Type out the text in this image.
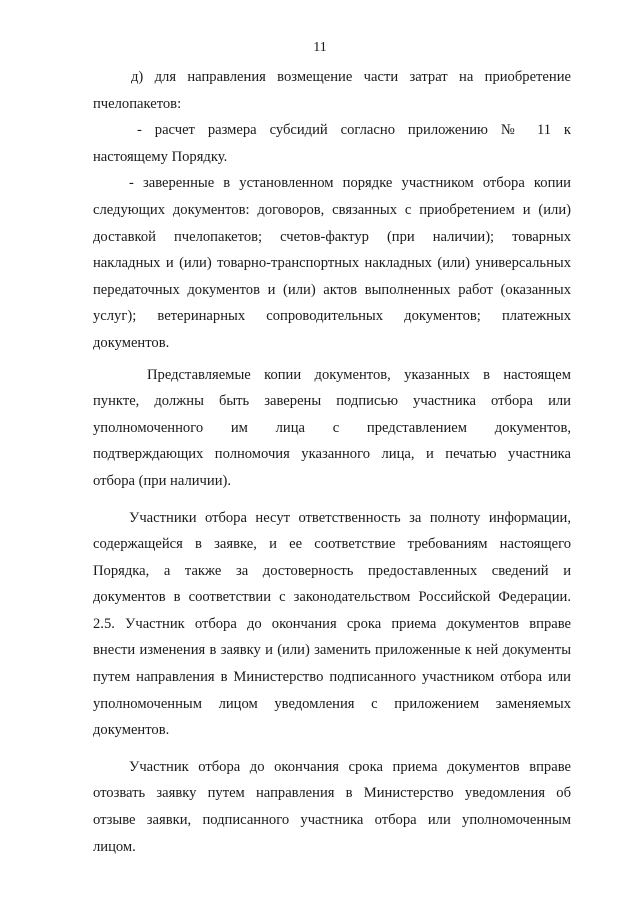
11

д) для направления возмещение части затрат на приобретение

пчелопакетов:

- расчет размера субсидий согласно приложению № 11 к

настоящему Порядку.

- заверенные в установленном порядке участником отбора копии

следующих документов: договоров, связанных с приобретением и (или)

доставкой пчелопакетов; счетов-фактур (при наличии); товарных

накладных и (или) товарно-транспортных накладных (или) универсальных

передаточных документов и (или) актов выполненных работ (оказанных

услуг); ветеринарных сопроводительных документов; платежных

документов.

Представляемые копии документов, указанных в настоящем

пункте, должны быть заверены подписью участника отбора или

уполномоченного им лица с представлением документов,

подтверждающих полномочия указанного лица, и печатью участника

отбора (при наличии).

Участники отбора несут ответственность за полноту информации,

содержащейся в заявке, и ее соответствие требованиям настоящего

Порядка, а также за достоверность предоставленных сведений и

документов в соответствии с законодательством Российской Федерации.

2.5. Участник отбора до окончания срока приема документов вправе

внести изменения в заявку и (или) заменить приложенные к ней документы

путем направления в Министерство подписанного участником отбора или

уполномоченным лицом уведомления с приложением заменяемых

документов.

Участник отбора до окончания срока приема документов вправе

отозвать заявку путем направления в Министерство уведомления об

отзыве заявки, подписанного участника отбора или уполномоченным

лицом.
